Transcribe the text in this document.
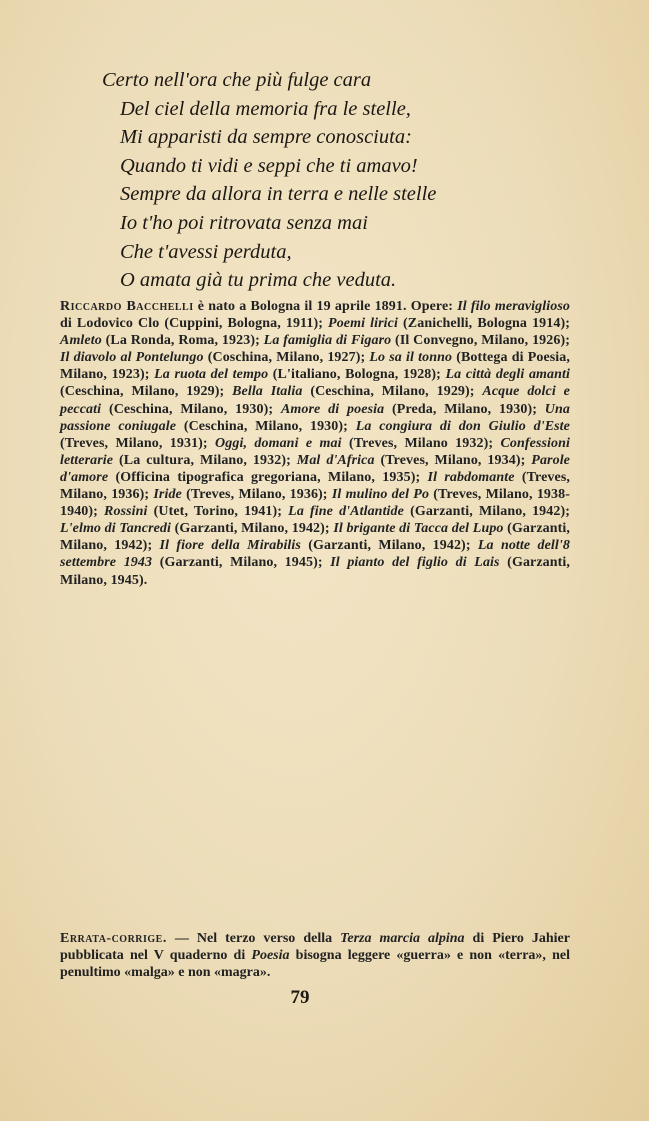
Certo nell'ora che più fulge cara
Del ciel della memoria fra le stelle,
Mi apparisti da sempre conosciuta:
Quando ti vidi e seppi che ti amavo!
Sempre da allora in terra e nelle stelle
Io t'ho poi ritrovata senza mai
Che t'avessi perduta,
O amata già tu prima che veduta.
Riccardo Bacchelli è nato a Bologna il 19 aprile 1891. Opere: Il filo meraviglioso di Lodovico Clo (Cuppini, Bologna, 1911); Poemi lirici (Zanichelli, Bologna 1914); Amleto (La Ronda, Roma, 1923); La famiglia di Figaro (Il Convegno, Milano, 1926); Il diavolo al Pontelungo (Coschina, Milano, 1927); Lo sa il tonno (Bottega di Poesia, Milano, 1923); La ruota del tempo (L'italiano, Bologna, 1928); La città degli amanti (Ceschina, Milano, 1929); Bella Italia (Ceschina, Milano, 1929); Acque dolci e peccati (Ceschina, Milano, 1930); Amore di poesia (Preda, Milano, 1930); Una passione coniugale (Ceschina, Milano, 1930); La congiura di don Giulio d'Este (Treves, Milano, 1931); Oggi, domani e mai (Treves, Milano 1932); Confessioni letterarie (La cultura, Milano, 1932); Mal d'Africa (Treves, Milano, 1934); Parole d'amore (Officina tipografica gregoriana, Milano, 1935); Il rabdomante (Treves, Milano, 1936); Iride (Treves, Milano, 1936); Il mulino del Po (Treves, Milano, 1938-1940); Rossini (Utet, Torino, 1941); La fine d'Atlantide (Garzanti, Milano, 1942); L'elmo di Tancredi (Garzanti, Milano, 1942); Il brigante di Tacca del Lupo (Garzanti, Milano, 1942); Il fiore della Mirabilis (Garzanti, Milano, 1942); La notte dell'8 settembre 1943 (Garzanti, Milano, 1945); Il pianto del figlio di Lais (Garzanti, Milano, 1945).
Errata-corrige. — Nel terzo verso della Terza marcia alpina di Piero Jahier pubblicata nel V quaderno di Poesia bisogna leggere «guerra» e non «terra», nel penultimo «malga» e non «magra».
79
